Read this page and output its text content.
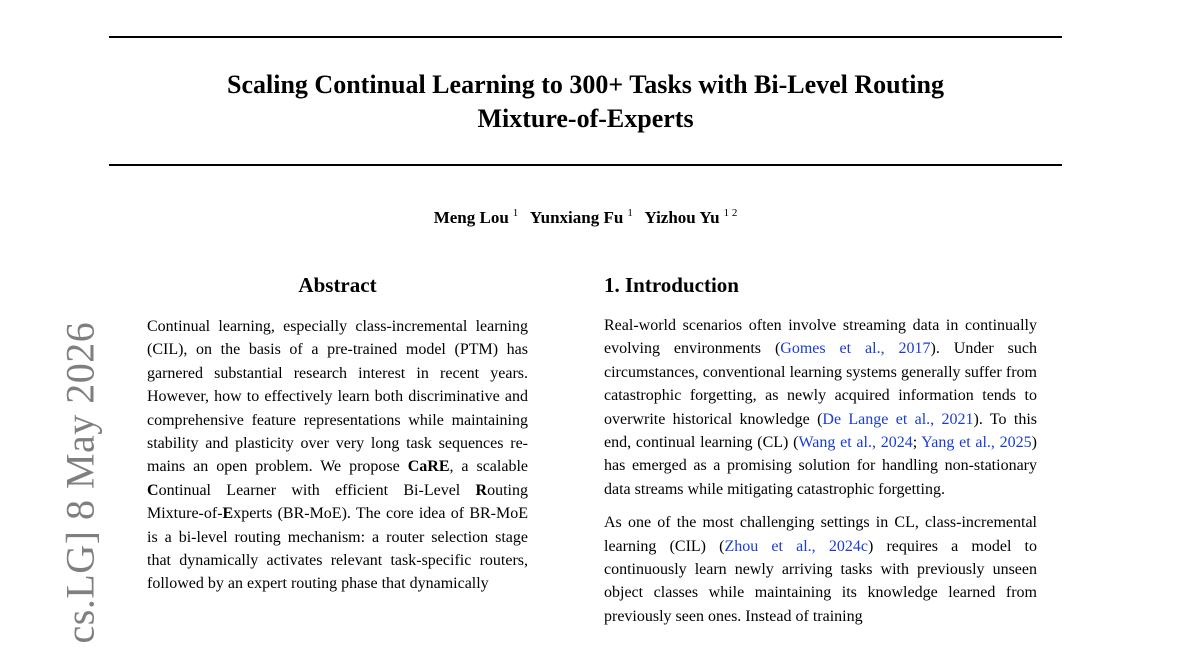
Scaling Continual Learning to 300+ Tasks with Bi-Level Routing
Mixture-of-Experts
Meng Lou $^1$ Yunxiang Fu $^1$ Yizhou Yu $^{1 2}$
cs.LG] 8 May 2026
Abstract

Continual learning, especially class-incremental learning (CIL), on the basis of a pre-trained model (PTM) has garnered substantial research interest in recent years. However, how to effectively learn both discriminative and comprehensive feature representations while maintaining stability and plasticity over very long task sequences remains an open problem. We propose CaRE, a scalable Continual Learner with efficient Bi-Level Routing Mixture-of-Experts (BR-MoE). The core idea of BR-MoE is a bi-level routing mechanism: a router selection stage that dynamically activates relevant task-specific routers, followed by an expert routing phase that dynamically

1. Introduction

Real-world scenarios often involve streaming data in continually evolving environments (Gomes et al., 2017). Under such circumstances, conventional learning systems generally suffer from catastrophic forgetting, as newly acquired information tends to overwrite historical knowledge (De Lange et al., 2021). To this end, continual learning (CL) (Wang et al., 2024; Yang et al., 2025) has emerged as a promising solution for handling non-stationary data streams while mitigating catastrophic forgetting.

As one of the most challenging settings in CL, class-incremental learning (CIL) (Zhou et al., 2024c) requires a model to continuously learn newly arriving tasks with previously unseen object classes while maintaining its knowledge learned from previously seen ones. Instead of training
